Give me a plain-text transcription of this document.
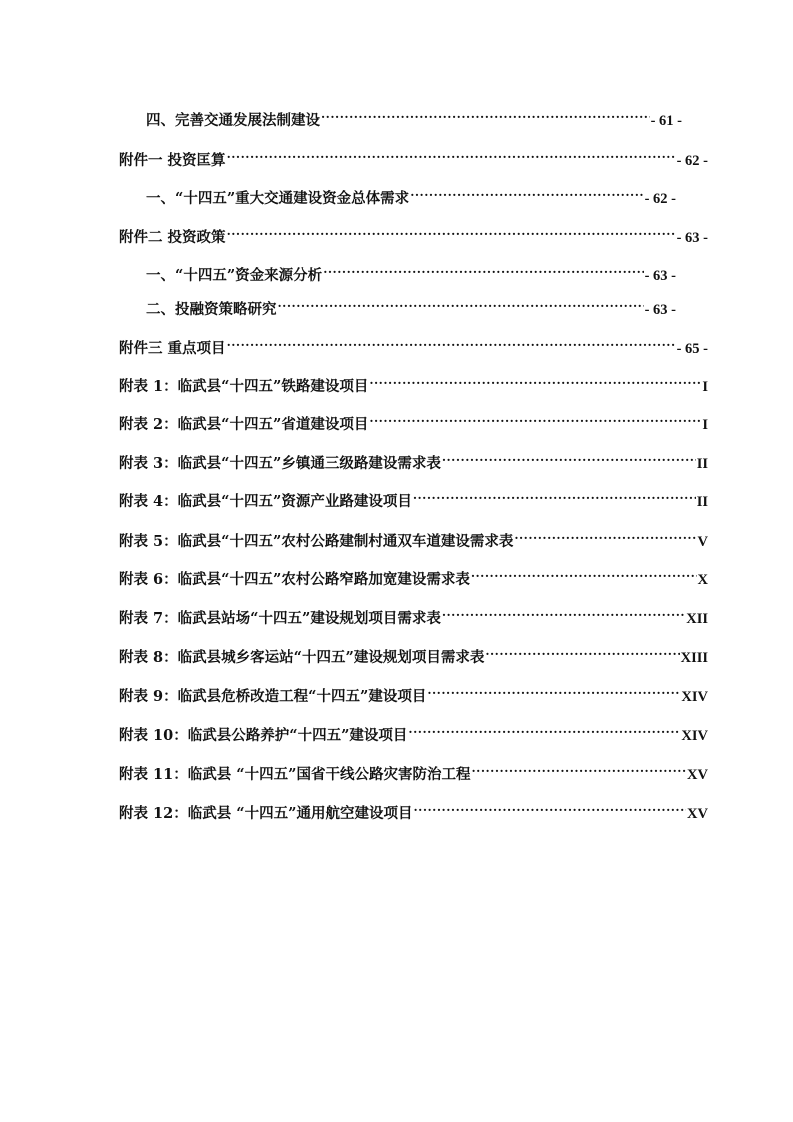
四、完善交通发展法制建设 .....	- 61 -
附件一 投资匡算 .....	- 62 -
一、“十四五”重大交通建设资金总体需求 .....	- 62 -
附件二 投资政策 .....	- 63 -
一、“十四五”资金来源分析 .....	- 63 -
二、投融资策略研究 .....	- 63 -
附件三 重点项目 .....	- 65 -
附表 1：临武县“十四五”铁路建设项目 .....	I
附表 2：临武县“十四五”省道建设项目 .....	I
附表 3：临武县“十四五”乡镇通三级路建设需求表 .....	II
附表 4：临武县“十四五”资源产业路建设项目 .....	II
附表 5：临武县“十四五”农村公路建制村通双车道建设需求表 .....	V
附表 6：临武县“十四五”农村公路窄路加宽建设需求表 .....	X
附表 7：临武县站场“十四五”建设规划项目需求表 .....	XII
附表 8：临武县城乡客运站“十四五”建设规划项目需求表 .....	XIII
附表 9：临武县危桥改造工程“十四五”建设项目 .....	XIV
附表 10：临武县公路养护“十四五”建设项目 .....	XIV
附表 11：临武县 “十四五”国省干线公路灾害防治工程 .....	XV
附表 12：临武县 “十四五”通用航空建设项目 .....	XV
